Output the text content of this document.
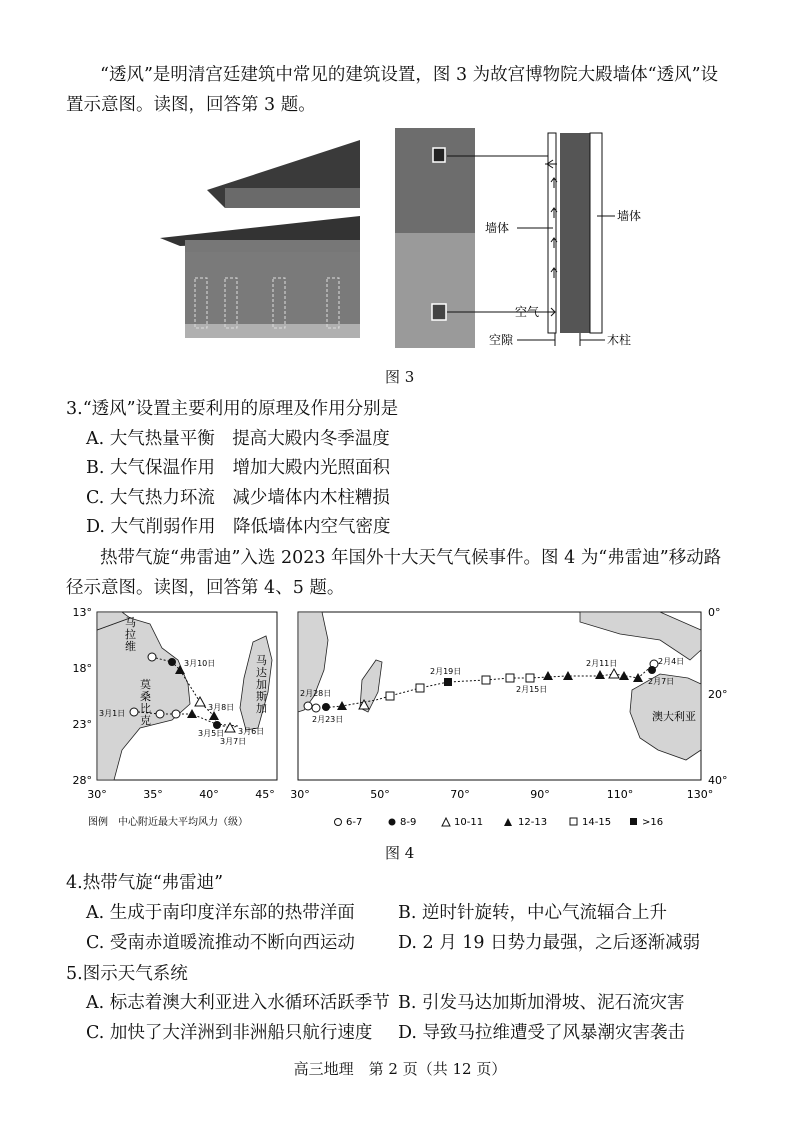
“透风”是明清宫廷建筑中常见的建筑设置，图 3 为故宫博物院大殿墙体“透风”设
置示意图。读图，回答第 3 题。
墙体
墙体
空气
空隙	木柱
图 3
3.“透风”设置主要利用的原理及作用分别是
A. 大气热量平衡　提高大殿内冬季温度
B. 大气保温作用　增加大殿内光照面积
C. 大气热力环流　减少墙体内木柱糟损
D. 大气削弱作用　降低墙体内空气密度
热带气旋“弗雷迪”入选 2023 年国外十大天气气候事件。图 4 为“弗雷迪”移动路
径示意图。读图，回答第 4、5 题。
马
拉
维
莫
桑
比
克
马
达
加
斯
加
13°
18°
23°
28°
30°	35°	40°	45°
3月10日
3月8日
3月5日
3月7日
3月6日
3月1日	澳大利亚
0°
20°
40°
30°	50°	70°	90°	110°	130°
2月28日
2月23日
2月19日
2月15日
2月11日
2月7日
2月4日
图例　中心附近最大平均风力（级）	6-7	8-9	10-11	12-13	14-15	>16
图 4
4.热带气旋“弗雷迪”
A. 生成于南印度洋东部的热带洋面 B. 逆时针旋转，中心气流辐合上升
C. 受南赤道暖流推动不断向西运动 D. 2 月 19 日势力最强，之后逐渐减弱
5.图示天气系统
A. 标志着澳大利亚进入水循环活跃季节 B. 引发马达加斯加滑坡、泥石流灾害
C. 加快了大洋洲到非洲船只航行速度 D. 导致马拉维遭受了风暴潮灾害袭击
高三地理　第 2 页（共 12 页）
